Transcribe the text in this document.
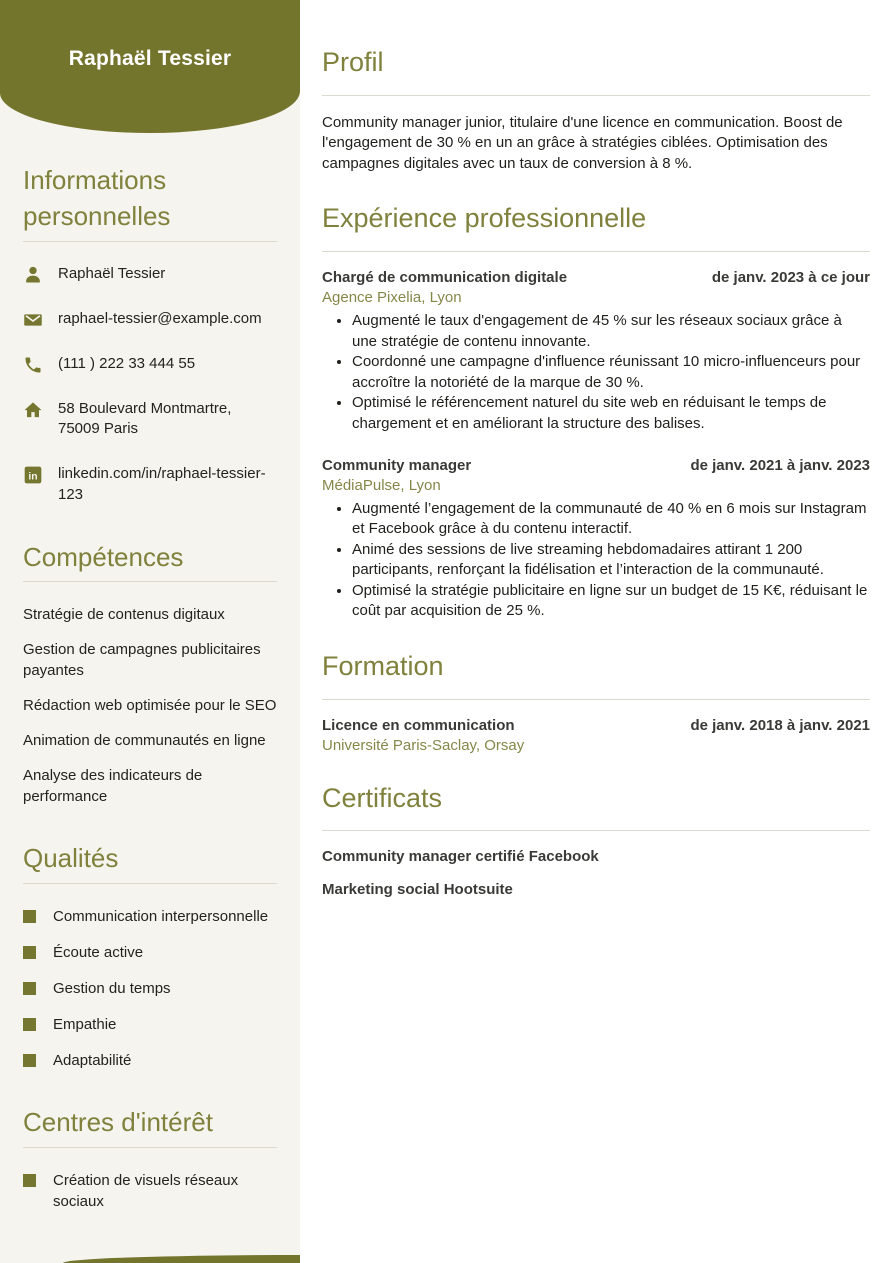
Raphaël Tessier
Informations personnelles
Raphaël Tessier
raphael-tessier@example.com
(111 ) 222 33 444 55
58 Boulevard Montmartre, 75009 Paris
in linkedin.com/in/raphael-tessier-123
Compétences
Stratégie de contenus digitaux
Gestion de campagnes publicitaires payantes
Rédaction web optimisée pour le SEO
Animation de communautés en ligne
Analyse des indicateurs de performance
Qualités
Communication interpersonnelle
Écoute active
Gestion du temps
Empathie
Adaptabilité
Centres d'intérêt
Création de visuels réseaux sociaux
Profil

Community manager junior, titulaire d'une licence en communication. Boost de l'engagement de 30 % en un an grâce à stratégies ciblées. Optimisation des campagnes digitales avec un taux de conversion à 8 %.

Expérience professionnelle
Chargé de communication digitale	de janv. 2023 à ce jour
Agence Pixelia, Lyon
• Augmenté le taux d'engagement de 45 % sur les réseaux sociaux grâce à une stratégie de contenu innovante.
• Coordonné une campagne d'influence réunissant 10 micro-influenceurs pour accroître la notoriété de la marque de 30 %.
• Optimisé le référencement naturel du site web en réduisant le temps de chargement et en améliorant la structure des balises.
Community manager	de janv. 2021 à janv. 2023
MédiaPulse, Lyon
• Augmenté l’engagement de la communauté de 40 % en 6 mois sur Instagram et Facebook grâce à du contenu interactif.
• Animé des sessions de live streaming hebdomadaires attirant 1 200 participants, renforçant la fidélisation et l’interaction de la communauté.
• Optimisé la stratégie publicitaire en ligne sur un budget de 15 K€, réduisant le coût par acquisition de 25 %.
Formation
Licence en communication	de janv. 2018 à janv. 2021
Université Paris-Saclay, Orsay
Certificats
Community manager certifié Facebook
Marketing social Hootsuite
